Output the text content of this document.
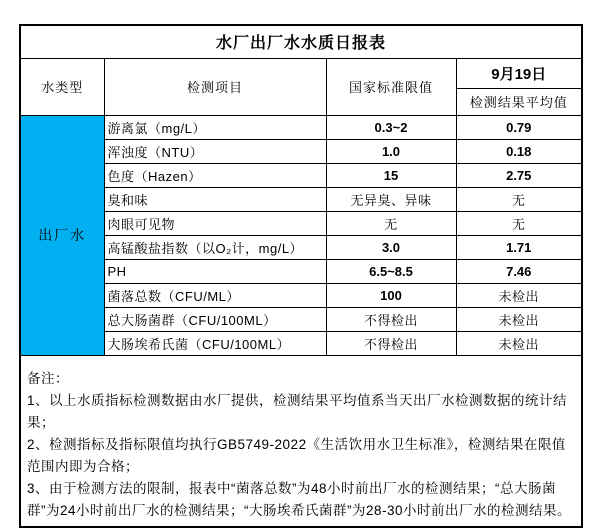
水厂出厂水水质日报表			
水类型	检测项目	国家标准限值	9月19日
			检测结果平均值
出厂水	游离氯（mg/L）	0.3~2	0.79
	浑浊度（NTU）	1.0	0.18
	色度（Hazen）	15	2.75
	臭和味	无异臭、异味	无
	肉眼可见物	无	无
	高锰酸盐指数（以O₂计，mg/L）	3.0	1.71
	PH	6.5~8.5	7.46
	菌落总数（CFU/ML）	100	未检出
	总大肠菌群（CFU/100ML）	不得检出	未检出
	大肠埃希氏菌（CFU/100ML）	不得检出	未检出

备注：
1、以上水质指标检测数据由水厂提供，检测结果平均值系当天出厂水检测数据的统计结果；
2、检测指标及指标限值均执行GB5749-2022《生活饮用水卫生标准》，检测结果在限值范围内即为合格；
3、由于检测方法的限制，报表中“菌落总数”为48小时前出厂水的检测结果；“总大肠菌群”为24小时前出厂水的检测结果；“大肠埃希氏菌群”为28-30小时前出厂水的检测结果。			
